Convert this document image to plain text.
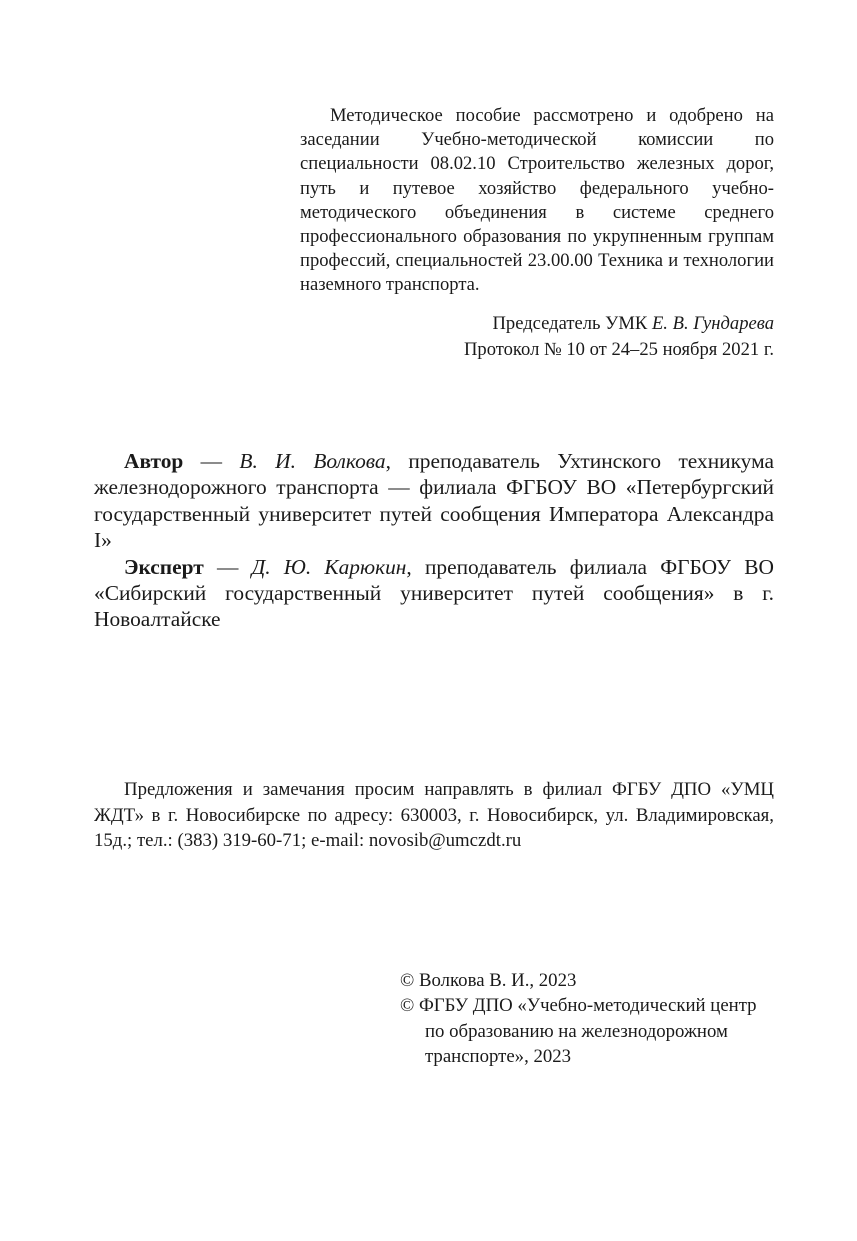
Методическое пособие рассмотрено и одобрено на заседании Учебно-методической комиссии по специальности 08.02.10 Строительство железных дорог, путь и путевое хозяйство федерального учебно-методического объединения в системе среднего профессионального образования по укрупненным группам профессий, специальностей 23.00.00 Техника и технологии наземного транспорта.

Председатель УМК Е. В. Гундарева
Протокол № 10 от 24–25 ноября 2021 г.

Автор — В. И. Волкова, преподаватель Ухтинского техникума железнодорожного транспорта — филиала ФГБОУ ВО «Петербургский государственный университет путей сообщения Императора Александра I»

Эксперт — Д. Ю. Карюкин, преподаватель филиала ФГБОУ ВО «Сибирский государственный университет путей сообщения» в г. Новоалтайске

Предложения и замечания просим направлять в филиал ФГБУ ДПО «УМЦ ЖДТ» в г. Новосибирске по адресу: 630003, г. Новосибирск, ул. Владимировская, 15д.; тел.: (383) 319-60-71; e-mail: novosib@umczdt.ru

© Волкова В. И., 2023
© ФГБУ ДПО «Учебно-методический центр по образованию на железнодорожном транспорте», 2023
